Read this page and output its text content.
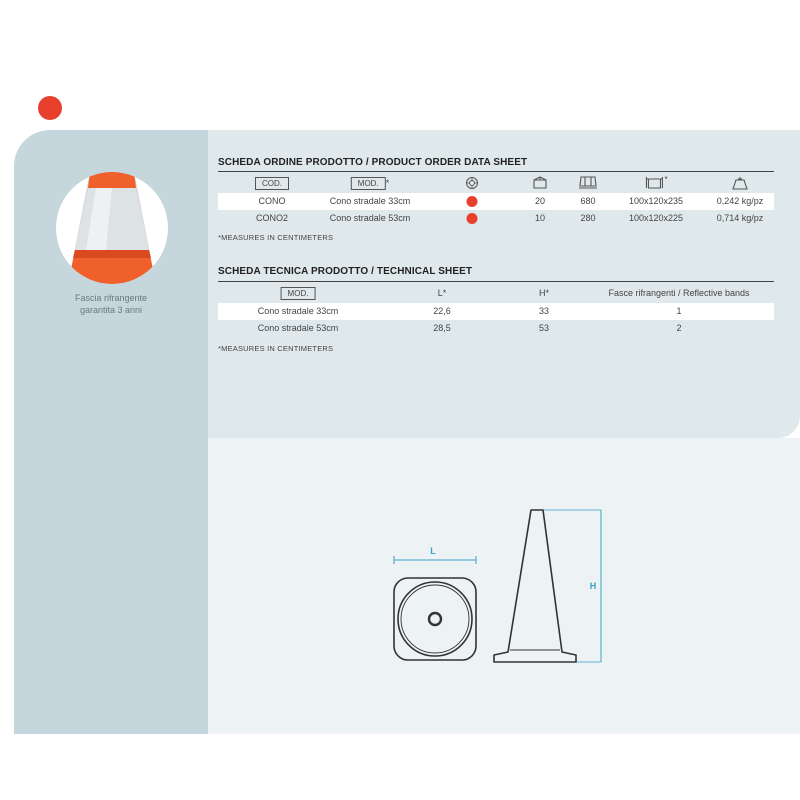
Fascia rifrangente
garantita 3 anni
SCHEDA ORDINE PRODOTTO / PRODUCT ORDER DATA SHEET
COD.	MOD. *	*
CONO	Cono stradale 33cm	20	680	100x120x235	0,242 kg/pz
CONO2	Cono stradale 53cm	10	280	100x120x225	0,714 kg/pz
*MEASURES IN CENTIMETERS
SCHEDA TECNICA PRODOTTO / TECHNICAL SHEET
MOD.	L*	H*	Fasce rifrangenti / Reflective bands
Cono stradale 33cm	22,6	33	1
Cono stradale 53cm	28,5	53	2
*MEASURES IN CENTIMETERS
L
H
